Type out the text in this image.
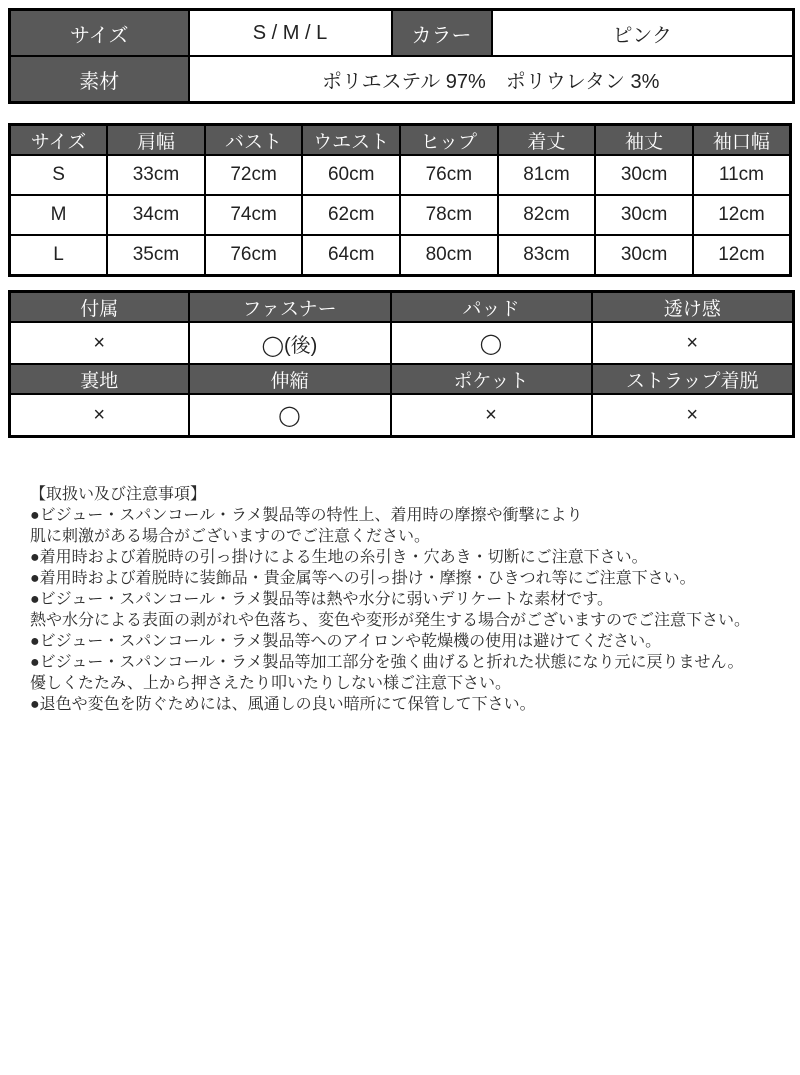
サイズ	S / M / L	カラー	ピンク
素材	ポリエステル 97%　ポリウレタン 3%		
サイズ	肩幅	バスト	ウエスト	ヒップ	着丈	袖丈	袖口幅
S	33cm	72cm	60cm	76cm	81cm	30cm	11cm
M	34cm	74cm	62cm	78cm	82cm	30cm	12cm
L	35cm	76cm	64cm	80cm	83cm	30cm	12cm
付属	ファスナー	パッド	透け感
×	◯(後)	◯	×
裏地	伸縮	ポケット	ストラップ着脱
×	◯	×	×
【取扱い及び注意事項】
●ビジュー・スパンコール・ラメ製品等の特性上、着用時の摩擦や衝撃により
肌に刺激がある場合がございますのでご注意ください。
●着用時および着脱時の引っ掛けによる生地の糸引き・穴あき・切断にご注意下さい。
●着用時および着脱時に装飾品・貴金属等への引っ掛け・摩擦・ひきつれ等にご注意下さい。
●ビジュー・スパンコール・ラメ製品等は熱や水分に弱いデリケートな素材です。
熱や水分による表面の剥がれや色落ち、変色や変形が発生する場合がございますのでご注意下さい。
●ビジュー・スパンコール・ラメ製品等へのアイロンや乾燥機の使用は避けてください。
●ビジュー・スパンコール・ラメ製品等加工部分を強く曲げると折れた状態になり元に戻りません。
優しくたたみ、上から押さえたり叩いたりしない様ご注意下さい。
●退色や変色を防ぐためには、風通しの良い暗所にて保管して下さい。
